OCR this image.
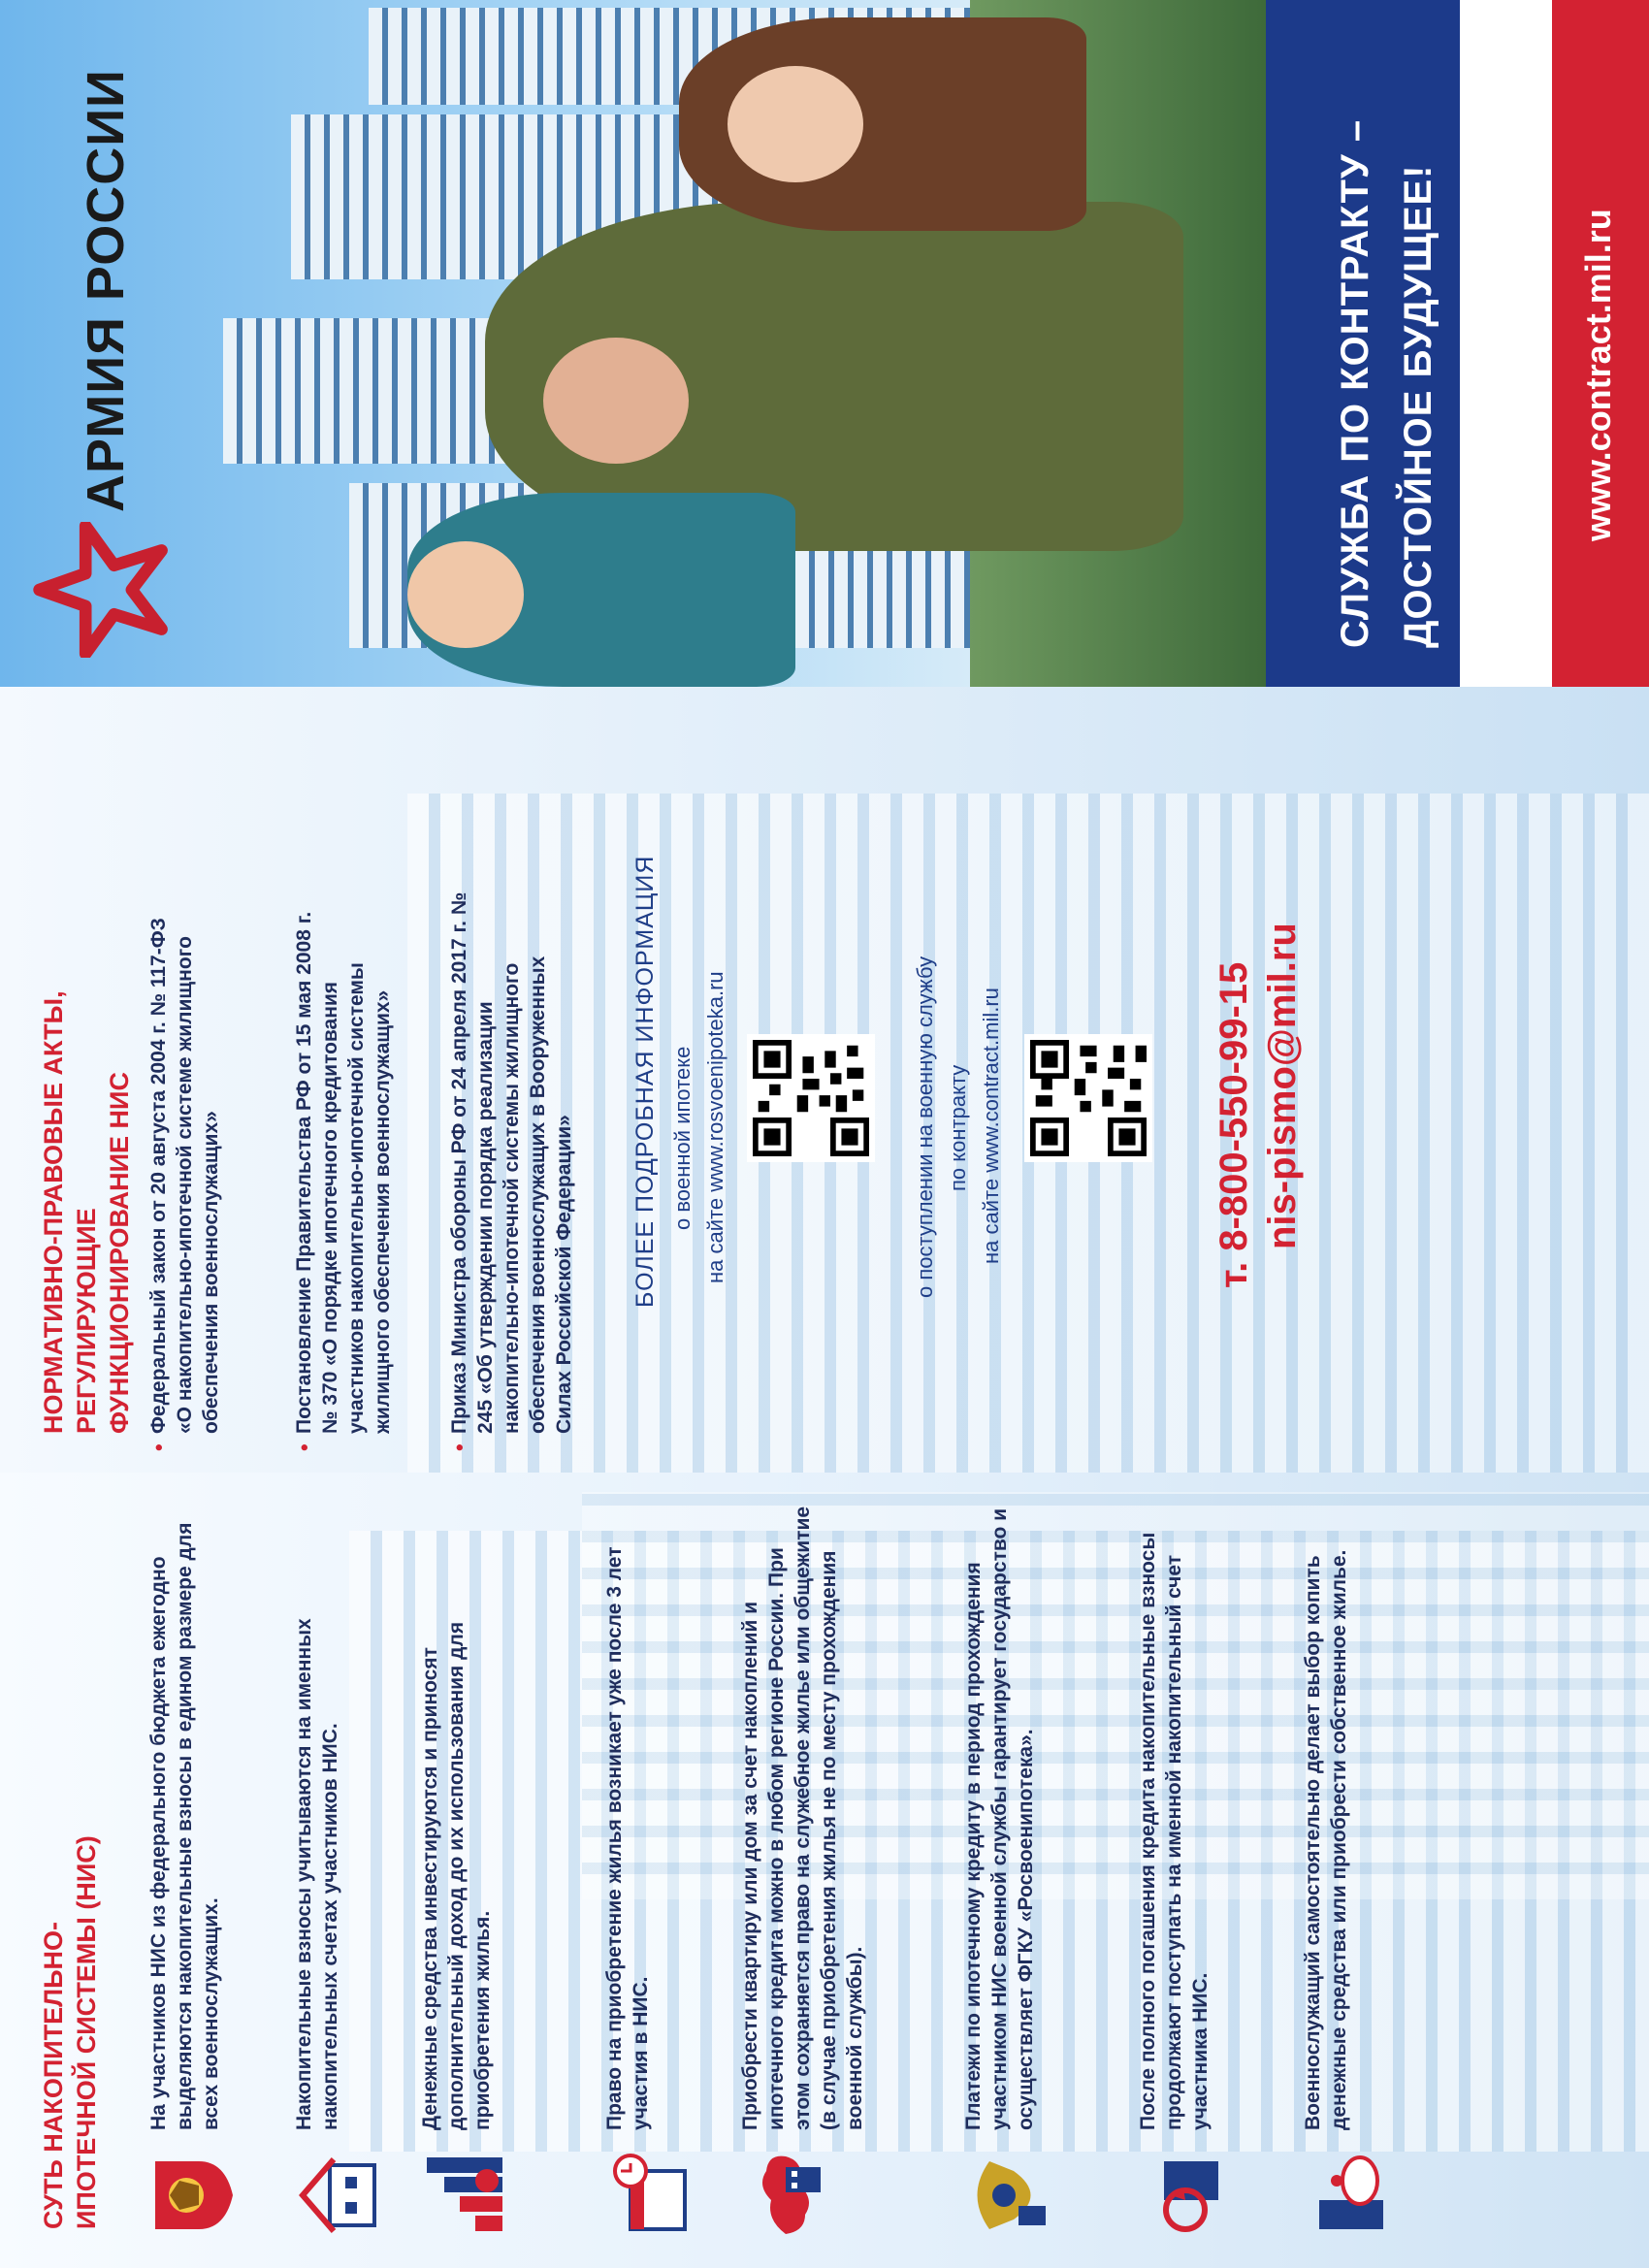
СУТЬ НАКОПИТЕЛЬНО-ИПОТЕЧНОЙ СИСТЕМЫ (НИС) На участников НИС из федерального бюджета ежегодно выделяются накопительные взносы в едином размере для всех военнослужащих.	Накопительные взносы учитываются на именных накопительных счетах участников НИС.	Денежные средства инвестируются и приносят дополнительный доход до их использования для приобретения жилья.	Право на приобретение жилья возникает уже после 3 лет участия в НИС.	Приобрести квартиру или дом за счет накоплений и ипотечного кредита можно в любом регионе России. При этом сохраняется право на служебное жилье или общежитие (в случае приобретения жилья не по месту прохождения военной службы).	Платежи по ипотечному кредиту в период прохождения участником НИС военной службы гарантирует государство и осуществляет ФГКУ «Росвоенипотека».	После полного погашения кредита накопительные взносы продолжают поступать на именной накопительный счет участника НИС.	Военнослужащий самостоятельно делает выбор копить денежные средства или приобрести собственное жилье.

НОРМАТИВНО-ПРАВОВЫЕ АКТЫ, РЕГУЛИРУЮЩИЕ ФУНКЦИОНИРОВАНИЕ НИС • Федеральный закон от 20 августа 2004 г. № 117-ФЗ «О накопительно-ипотечной системе жилищного обеспечения военнослужащих»	• Постановление Правительства РФ от 15 мая 2008 г. № 370 «О порядке ипотечного кредитования участников накопительно-ипотечной системы жилищного обеспечения военнослужащих»	• Приказ Министра обороны РФ от 24 апреля 2017 г. № 245 «Об утверждении порядка реализации накопительно-ипотечной системы жилищного обеспечения военнослужащих в Вооруженных Силах Российской Федерации» БОЛЕЕ ПОДРОБНАЯ ИНФОРМАЦИЯ о военной ипотеке на сайте www.rosvoenipoteka.ru	о поступлении на военную службу по контракту на сайте www.contract.mil.ru	т. 8-800-550-99-15 nis-pismo@mil.ru
АРМИЯ РОССИИ	СЛУЖБА ПО КОНТРАКТУ – ДОСТОЙНОЕ БУДУЩЕЕ!	www.contract.mil.ru
